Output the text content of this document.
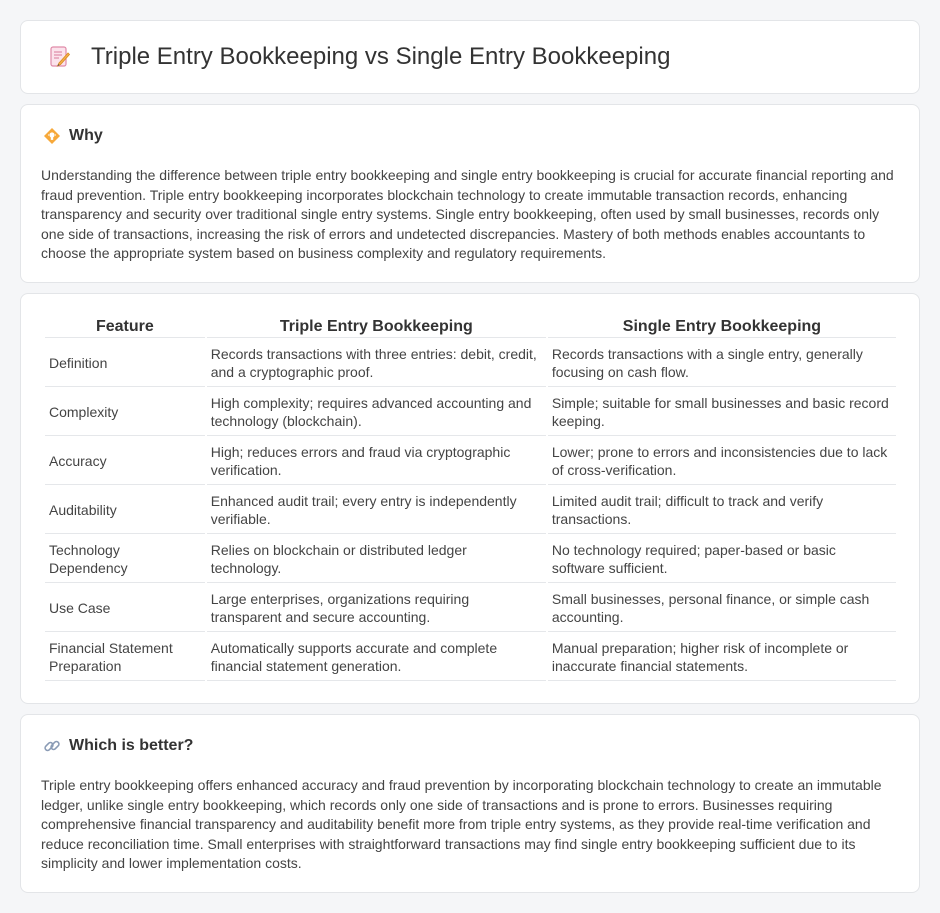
Triple Entry Bookkeeping vs Single Entry Bookkeeping
Why

Understanding the difference between triple entry bookkeeping and single entry bookkeeping is crucial for accurate financial reporting and fraud prevention. Triple entry bookkeeping incorporates blockchain technology to create immutable transaction records, enhancing transparency and security over traditional single entry systems. Single entry bookkeeping, often used by small businesses, records only one side of transactions, increasing the risk of errors and undetected discrepancies. Mastery of both methods enables accountants to choose the appropriate system based on business complexity and regulatory requirements.

Feature	Triple Entry Bookkeeping	Single Entry Bookkeeping
Definition	Records transactions with three entries: debit, credit, and a cryptographic proof.	Records transactions with a single entry, generally focusing on cash flow.
Complexity	High complexity; requires advanced accounting and technology (blockchain).	Simple; suitable for small businesses and basic record keeping.
Accuracy	High; reduces errors and fraud via cryptographic verification.	Lower; prone to errors and inconsistencies due to lack of cross-verification.
Auditability	Enhanced audit trail; every entry is independently verifiable.	Limited audit trail; difficult to track and verify transactions.
Technology Dependency	Relies on blockchain or distributed ledger technology.	No technology required; paper-based or basic software sufficient.
Use Case	Large enterprises, organizations requiring transparent and secure accounting.	Small businesses, personal finance, or simple cash accounting.
Financial Statement Preparation	Automatically supports accurate and complete financial statement generation.	Manual preparation; higher risk of incomplete or inaccurate financial statements.
Which is better?

Triple entry bookkeeping offers enhanced accuracy and fraud prevention by incorporating blockchain technology to create an immutable ledger, unlike single entry bookkeeping, which records only one side of transactions and is prone to errors. Businesses requiring comprehensive financial transparency and auditability benefit more from triple entry systems, as they provide real-time verification and reduce reconciliation time. Small enterprises with straightforward transactions may find single entry bookkeeping sufficient due to its simplicity and lower implementation costs.
